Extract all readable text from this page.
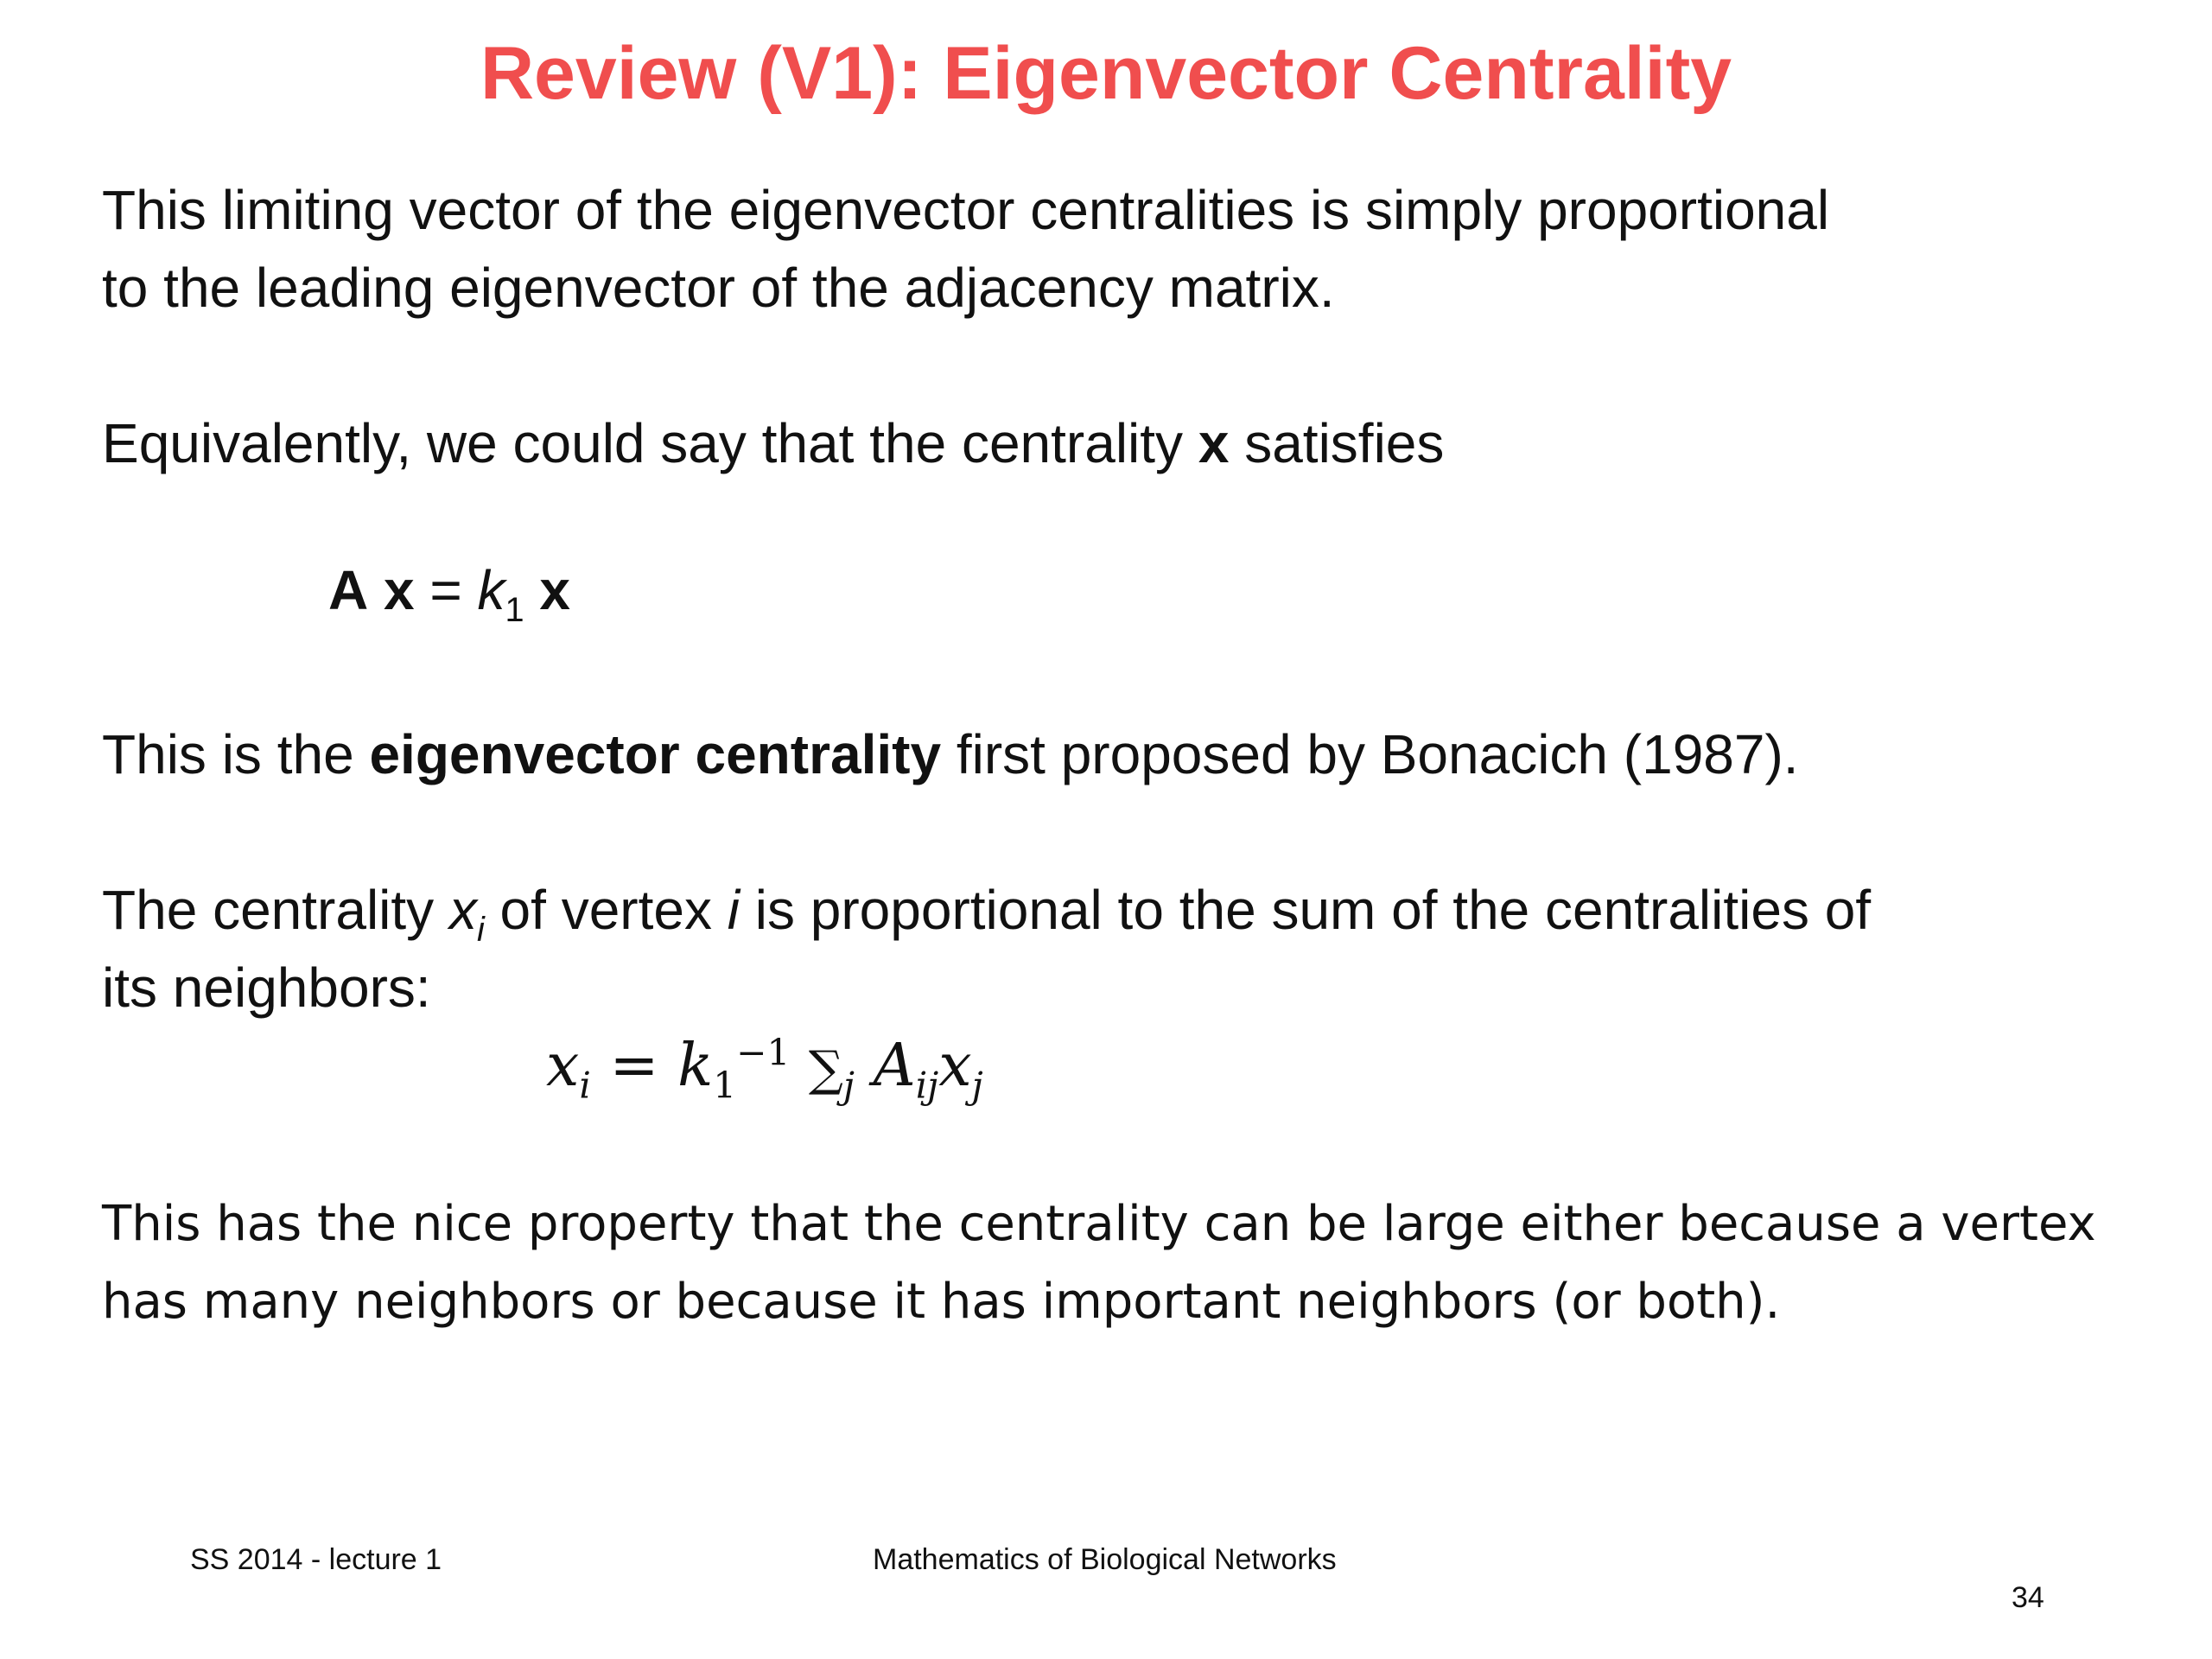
Review (V1): Eigenvector Centrality
This limiting vector of the eigenvector centralities is simply proportional
to the leading eigenvector of the adjacency matrix.
Equivalently, we could say that the centrality x satisfies
A $x = k_1$ x
This is the eigenvector centrality first proposed by Bonacich (1987).
The centrality $x_i$ of vertex i is proportional to the sum of the centralities of
its neighbors:
$x_i = k_1^{-1}$ $\sum_j$ $A_{ij}x_j$
This has the nice property that the centrality can be large either because a vertex
has many neighbors or because it has important neighbors (or both).
SS 2014 - lecture 1	Mathematics of Biological Networks
34
